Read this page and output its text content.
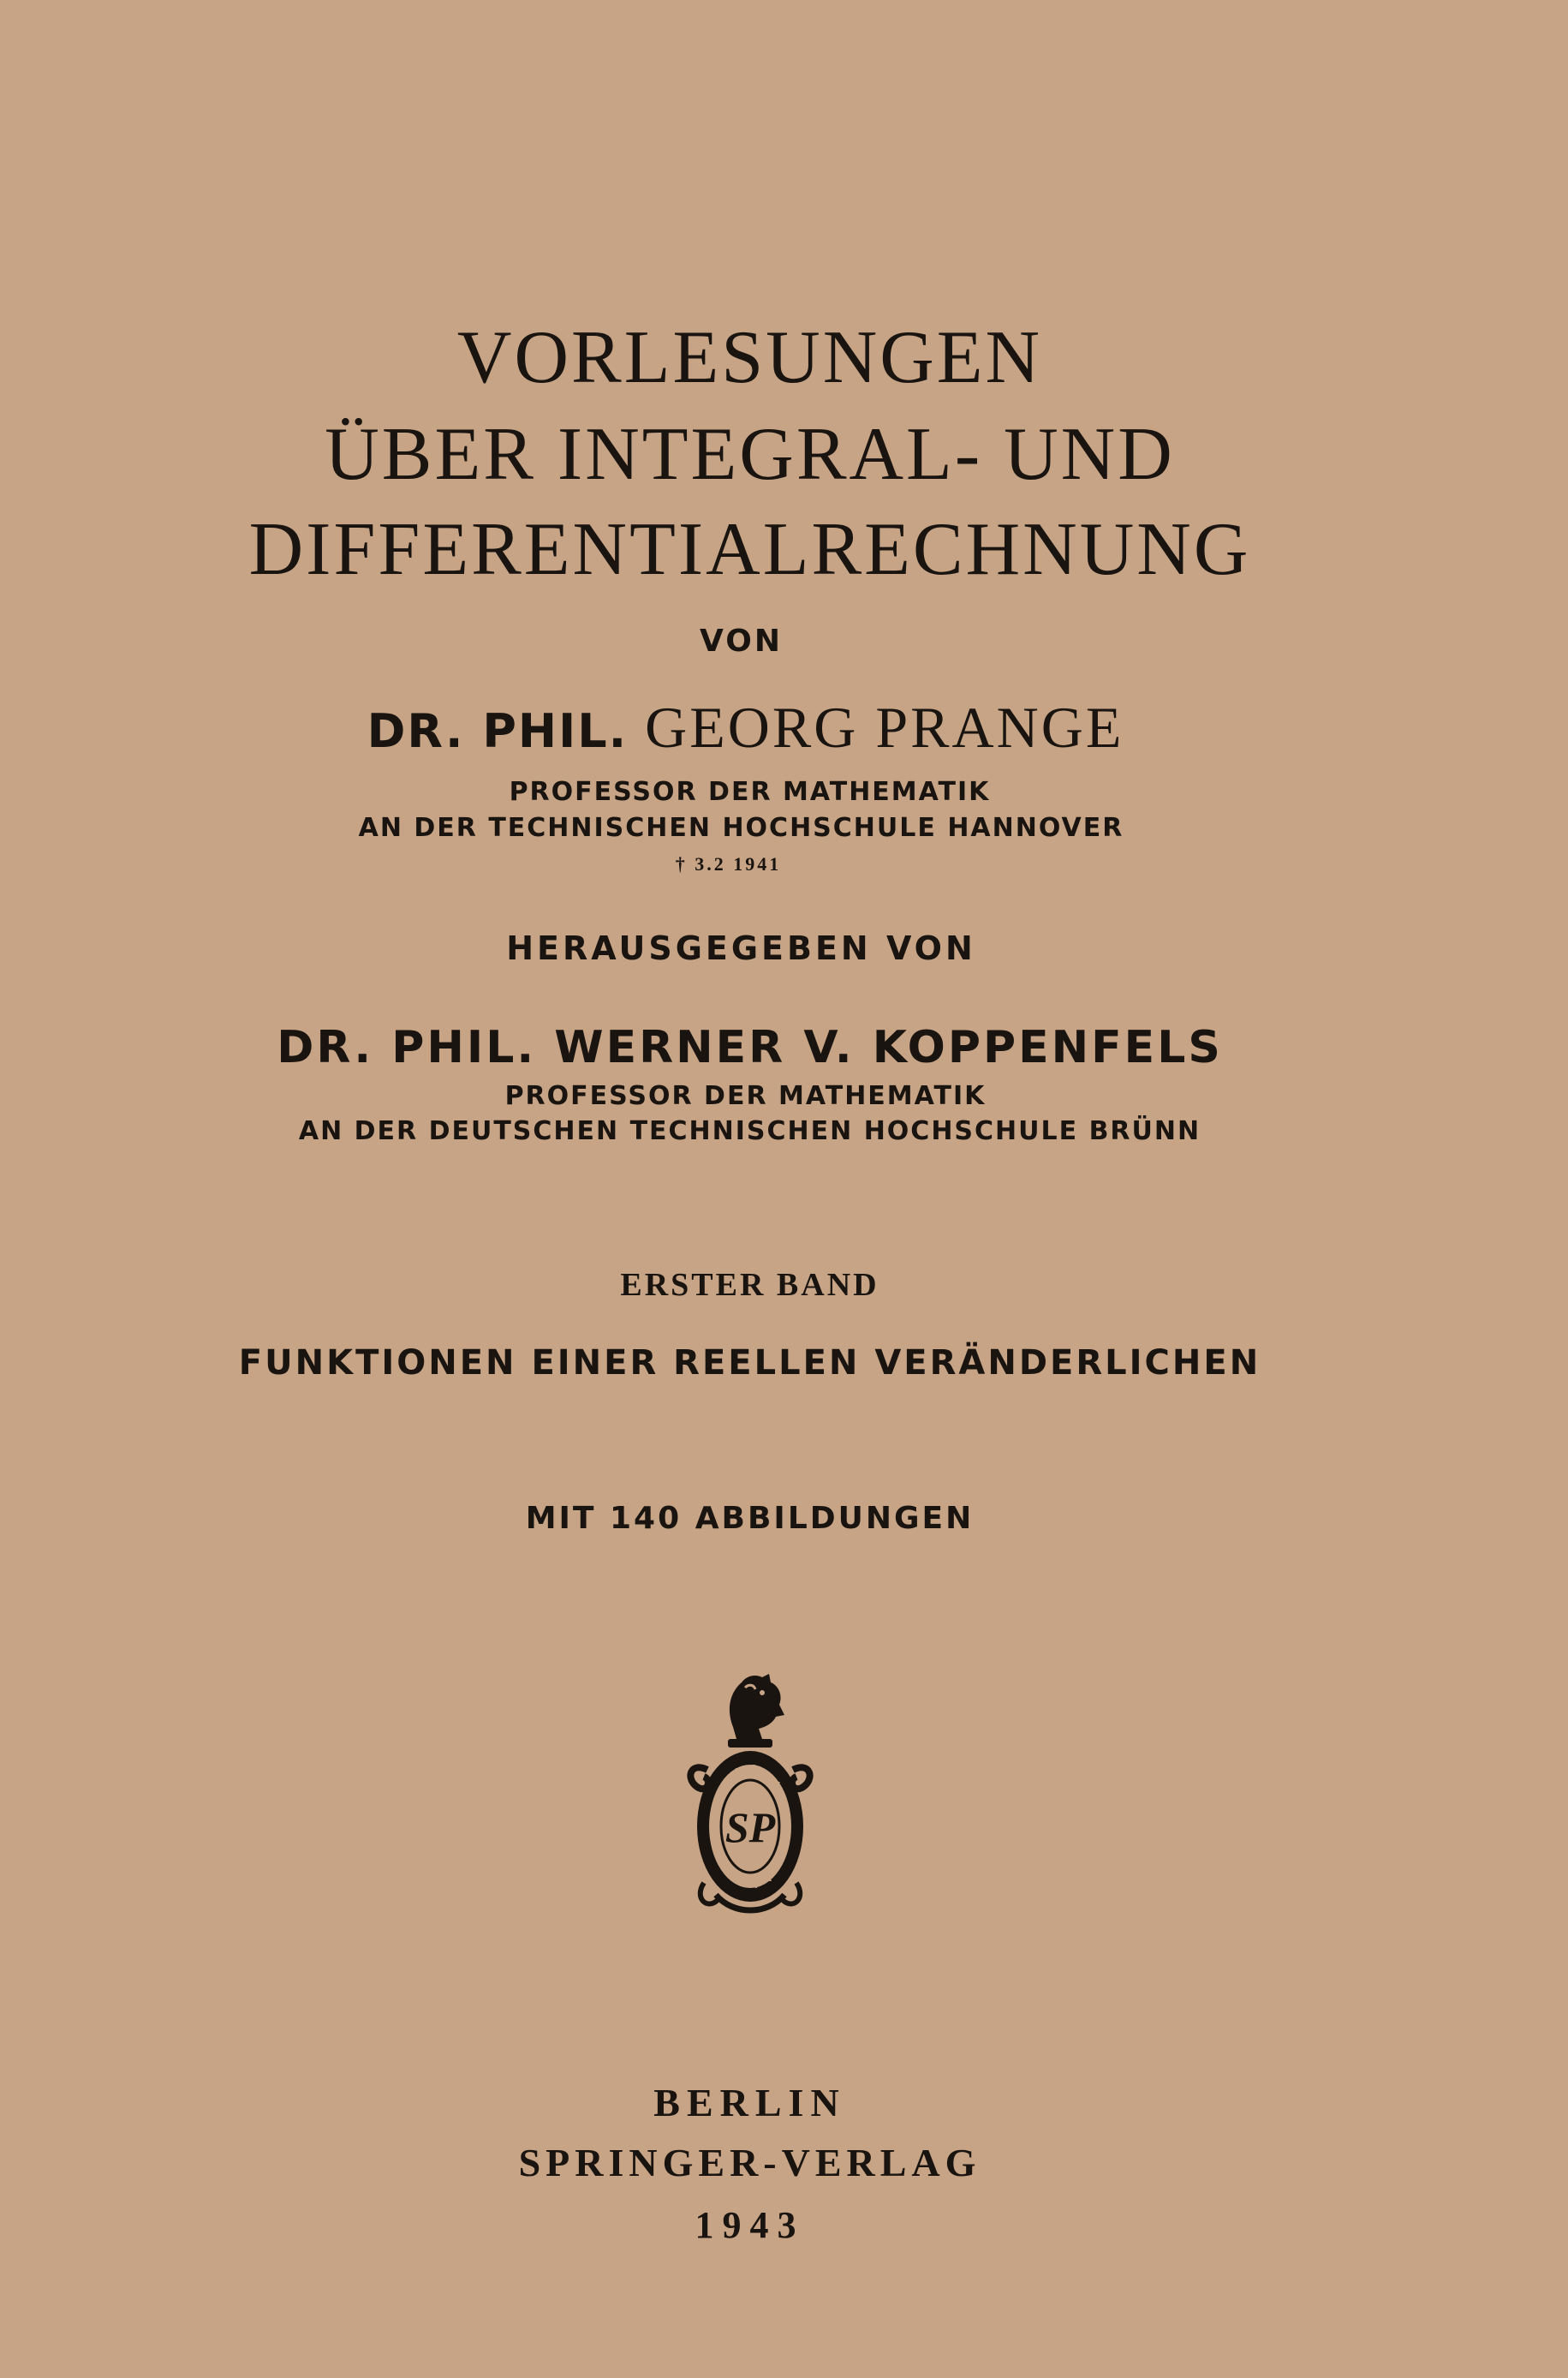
VORLESUNGEN
ÜBER INTEGRAL- UND
DIFFERENTIALRECHNUNG

VON

DR. PHIL. GEORG PRANGE

PROFESSOR DER MATHEMATIK

AN DER TECHNISCHEN HOCHSCHULE HANNOVER

† 3.2 1941

HERAUSGEGEBEN VON

DR. PHIL. WERNER V. KOPPENFELS

PROFESSOR DER MATHEMATIK

AN DER DEUTSCHEN TECHNISCHEN HOCHSCHULE BRÜNN

ERSTER BAND

FUNKTIONEN EINER REELLEN VERÄNDERLICHEN

MIT 140 ABBILDUNGEN

A
U S L
E
1
8 4
2
SP

BERLIN

SPRINGER-VERLAG

1943
